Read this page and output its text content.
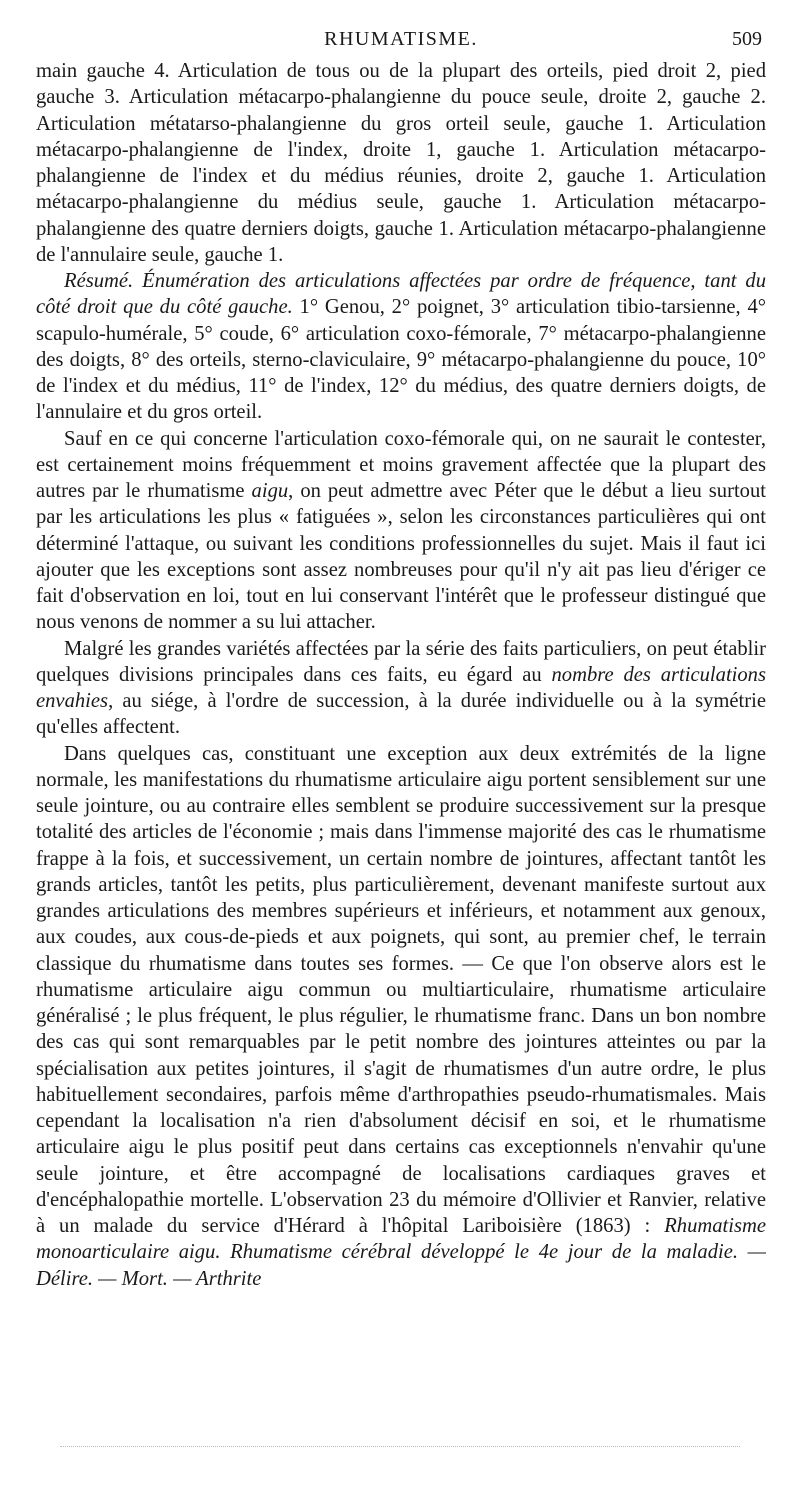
RHUMATISME.	509

main gauche 4. Articulation de tous ou de la plupart des orteils, pied droit 2, pied gauche 3. Articulation métacarpo-phalangienne du pouce seule, droite 2, gauche 2. Articulation métatarso-phalangienne du gros orteil seule, gauche 1. Articulation métacarpo-phalangienne de l'index, droite 1, gauche 1. Articulation métacarpo-phalangienne de l'index et du médius réunies, droite 2, gauche 1. Articulation métacarpo-phalangienne du médius seule, gauche 1. Articulation métacarpo-phalangienne des quatre derniers doigts, gauche 1. Articulation métacarpo-phalangienne de l'annulaire seule, gauche 1.

Résumé. Énumération des articulations affectées par ordre de fréquence, tant du côté droit que du côté gauche. 1° Genou, 2° poignet, 3° articulation tibio-tarsienne, 4° scapulo-humérale, 5° coude, 6° articulation coxo-fémorale, 7° métacarpo-phalangienne des doigts, 8° des orteils, sterno-claviculaire, 9° métacarpo-phalangienne du pouce, 10° de l'index et du médius, 11° de l'index, 12° du médius, des quatre derniers doigts, de l'annulaire et du gros orteil.

Sauf en ce qui concerne l'articulation coxo-fémorale qui, on ne saurait le contester, est certainement moins fréquemment et moins gravement affectée que la plupart des autres par le rhumatisme aigu, on peut admettre avec Péter que le début a lieu surtout par les articulations les plus « fatiguées », selon les circonstances particulières qui ont déterminé l'attaque, ou suivant les conditions professionnelles du sujet. Mais il faut ici ajouter que les exceptions sont assez nombreuses pour qu'il n'y ait pas lieu d'ériger ce fait d'observation en loi, tout en lui conservant l'intérêt que le professeur distingué que nous venons de nommer a su lui attacher.

Malgré les grandes variétés affectées par la série des faits particuliers, on peut établir quelques divisions principales dans ces faits, eu égard au nombre des articulations envahies, au siége, à l'ordre de succession, à la durée individuelle ou à la symétrie qu'elles affectent.

Dans quelques cas, constituant une exception aux deux extrémités de la ligne normale, les manifestations du rhumatisme articulaire aigu portent sensiblement sur une seule jointure, ou au contraire elles semblent se produire successivement sur la presque totalité des articles de l'économie ; mais dans l'immense majorité des cas le rhumatisme frappe à la fois, et successivement, un certain nombre de jointures, affectant tantôt les grands articles, tantôt les petits, plus particulièrement, devenant manifeste surtout aux grandes articulations des membres supérieurs et inférieurs, et notamment aux genoux, aux coudes, aux cous-de-pieds et aux poignets, qui sont, au premier chef, le terrain classique du rhumatisme dans toutes ses formes. — Ce que l'on observe alors est le rhumatisme articulaire aigu commun ou multiarticulaire, rhumatisme articulaire généralisé ; le plus fréquent, le plus régulier, le rhumatisme franc. Dans un bon nombre des cas qui sont remarquables par le petit nombre des jointures atteintes ou par la spécialisation aux petites jointures, il s'agit de rhumatismes d'un autre ordre, le plus habituellement secondaires, parfois même d'arthropathies pseudo-rhumatismales. Mais cependant la localisation n'a rien d'absolument décisif en soi, et le rhumatisme articulaire aigu le plus positif peut dans certains cas exceptionnels n'envahir qu'une seule jointure, et être accompagné de localisations cardiaques graves et d'encéphalopathie mortelle. L'observation 23 du mémoire d'Ollivier et Ranvier, relative à un malade du service d'Hérard à l'hôpital Lariboisière (1863) : Rhumatisme monoarticulaire aigu. Rhumatisme cérébral développé le 4e jour de la maladie. — Délire. — Mort. — Arthrite
